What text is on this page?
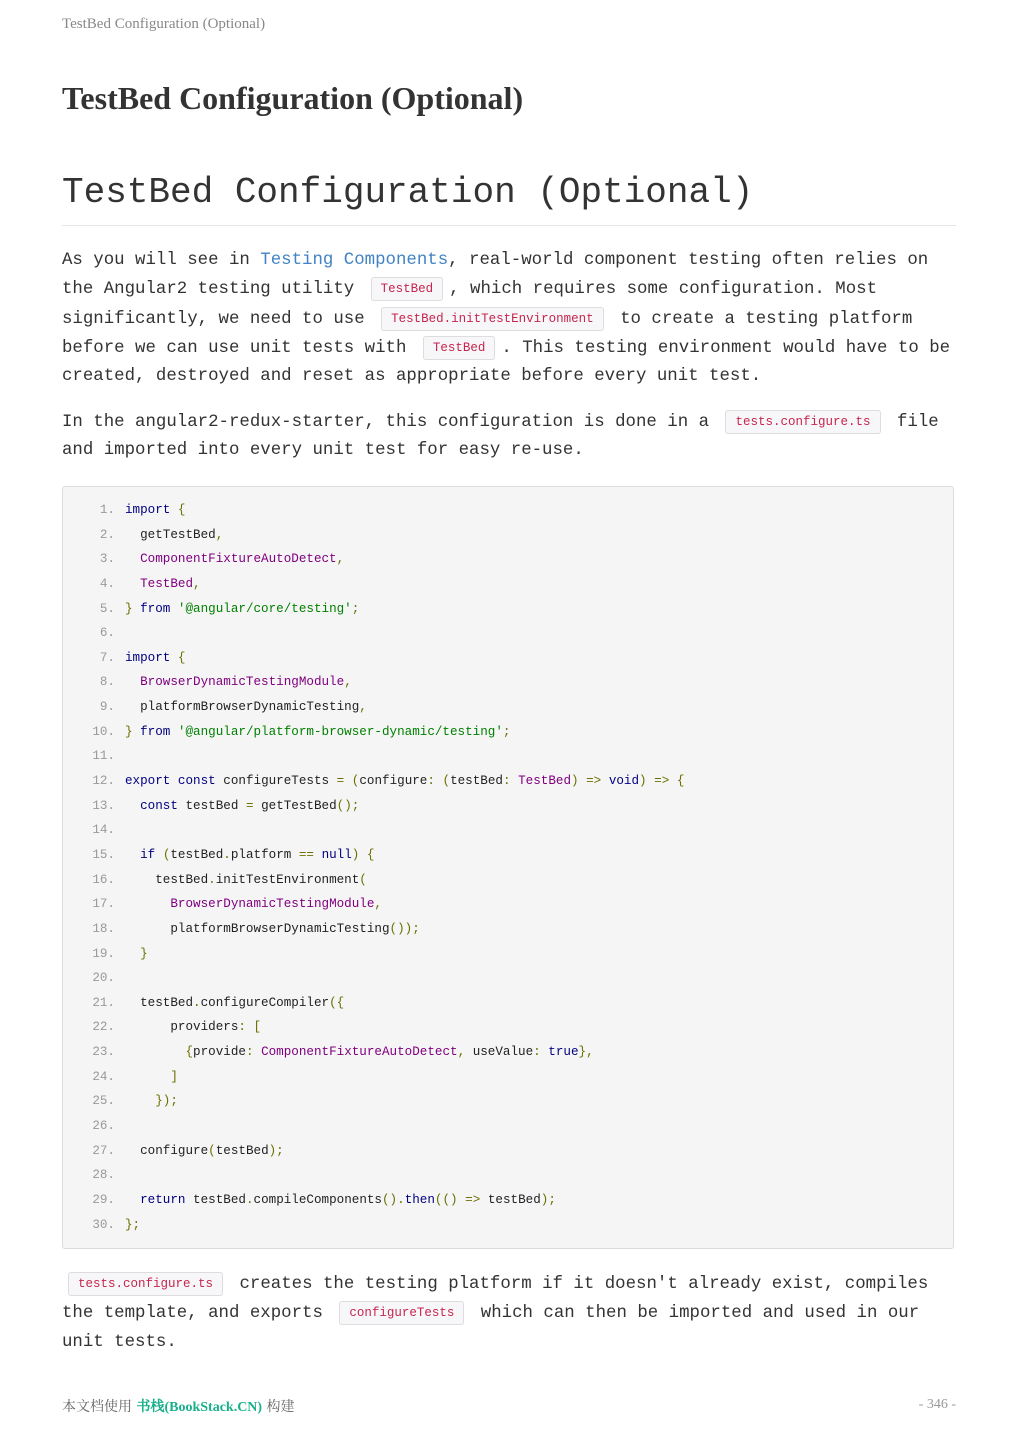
TestBed Configuration (Optional)
TestBed Configuration (Optional)
TestBed Configuration (Optional)

As you will see in Testing Components, real-world component testing often relies on the Angular2 testing utility TestBed , which requires some configuration. Most significantly, we need to use TestBed.initTestEnvironment to create a testing platform before we can use unit tests with TestBed . This testing environment would have to be created, destroyed and reset as appropriate before every unit test.

In the angular2-redux-starter, this configuration is done in a tests.configure.ts file and imported into every unit test for easy re-use.

1. import {
2.	getTestBed,
3.	ComponentFixtureAutoDetect,
4.	TestBed,
5. } from '@angular/core/testing';
6.
7. import {
8.	BrowserDynamicTestingModule,
9.	platformBrowserDynamicTesting,
10. } from '@angular/platform-browser-dynamic/testing';
11.
12. export const configureTests = (configure: (testBed: TestBed) => void) => {
13.	const testBed = getTestBed();
14.
15.	if (testBed.platform == null) {
16.	testBed.initTestEnvironment(
17.	BrowserDynamicTestingModule,
18.	platformBrowserDynamicTesting());
19.	}
20.
21.	testBed.configureCompiler({
22.	providers: [
23.	{provide: ComponentFixtureAutoDetect, useValue: true},
24.	]
25.	});
26.
27.	configure(testBed);
28.
29.	return testBed.compileComponents().then(() => testBed);
30. };

tests.configure.ts creates the testing platform if it doesn't already exist, compiles the template, and exports configureTests which can then be imported and used in our unit tests.

本文档使用 书栈(BookStack.CN) 构建	- 346 -
